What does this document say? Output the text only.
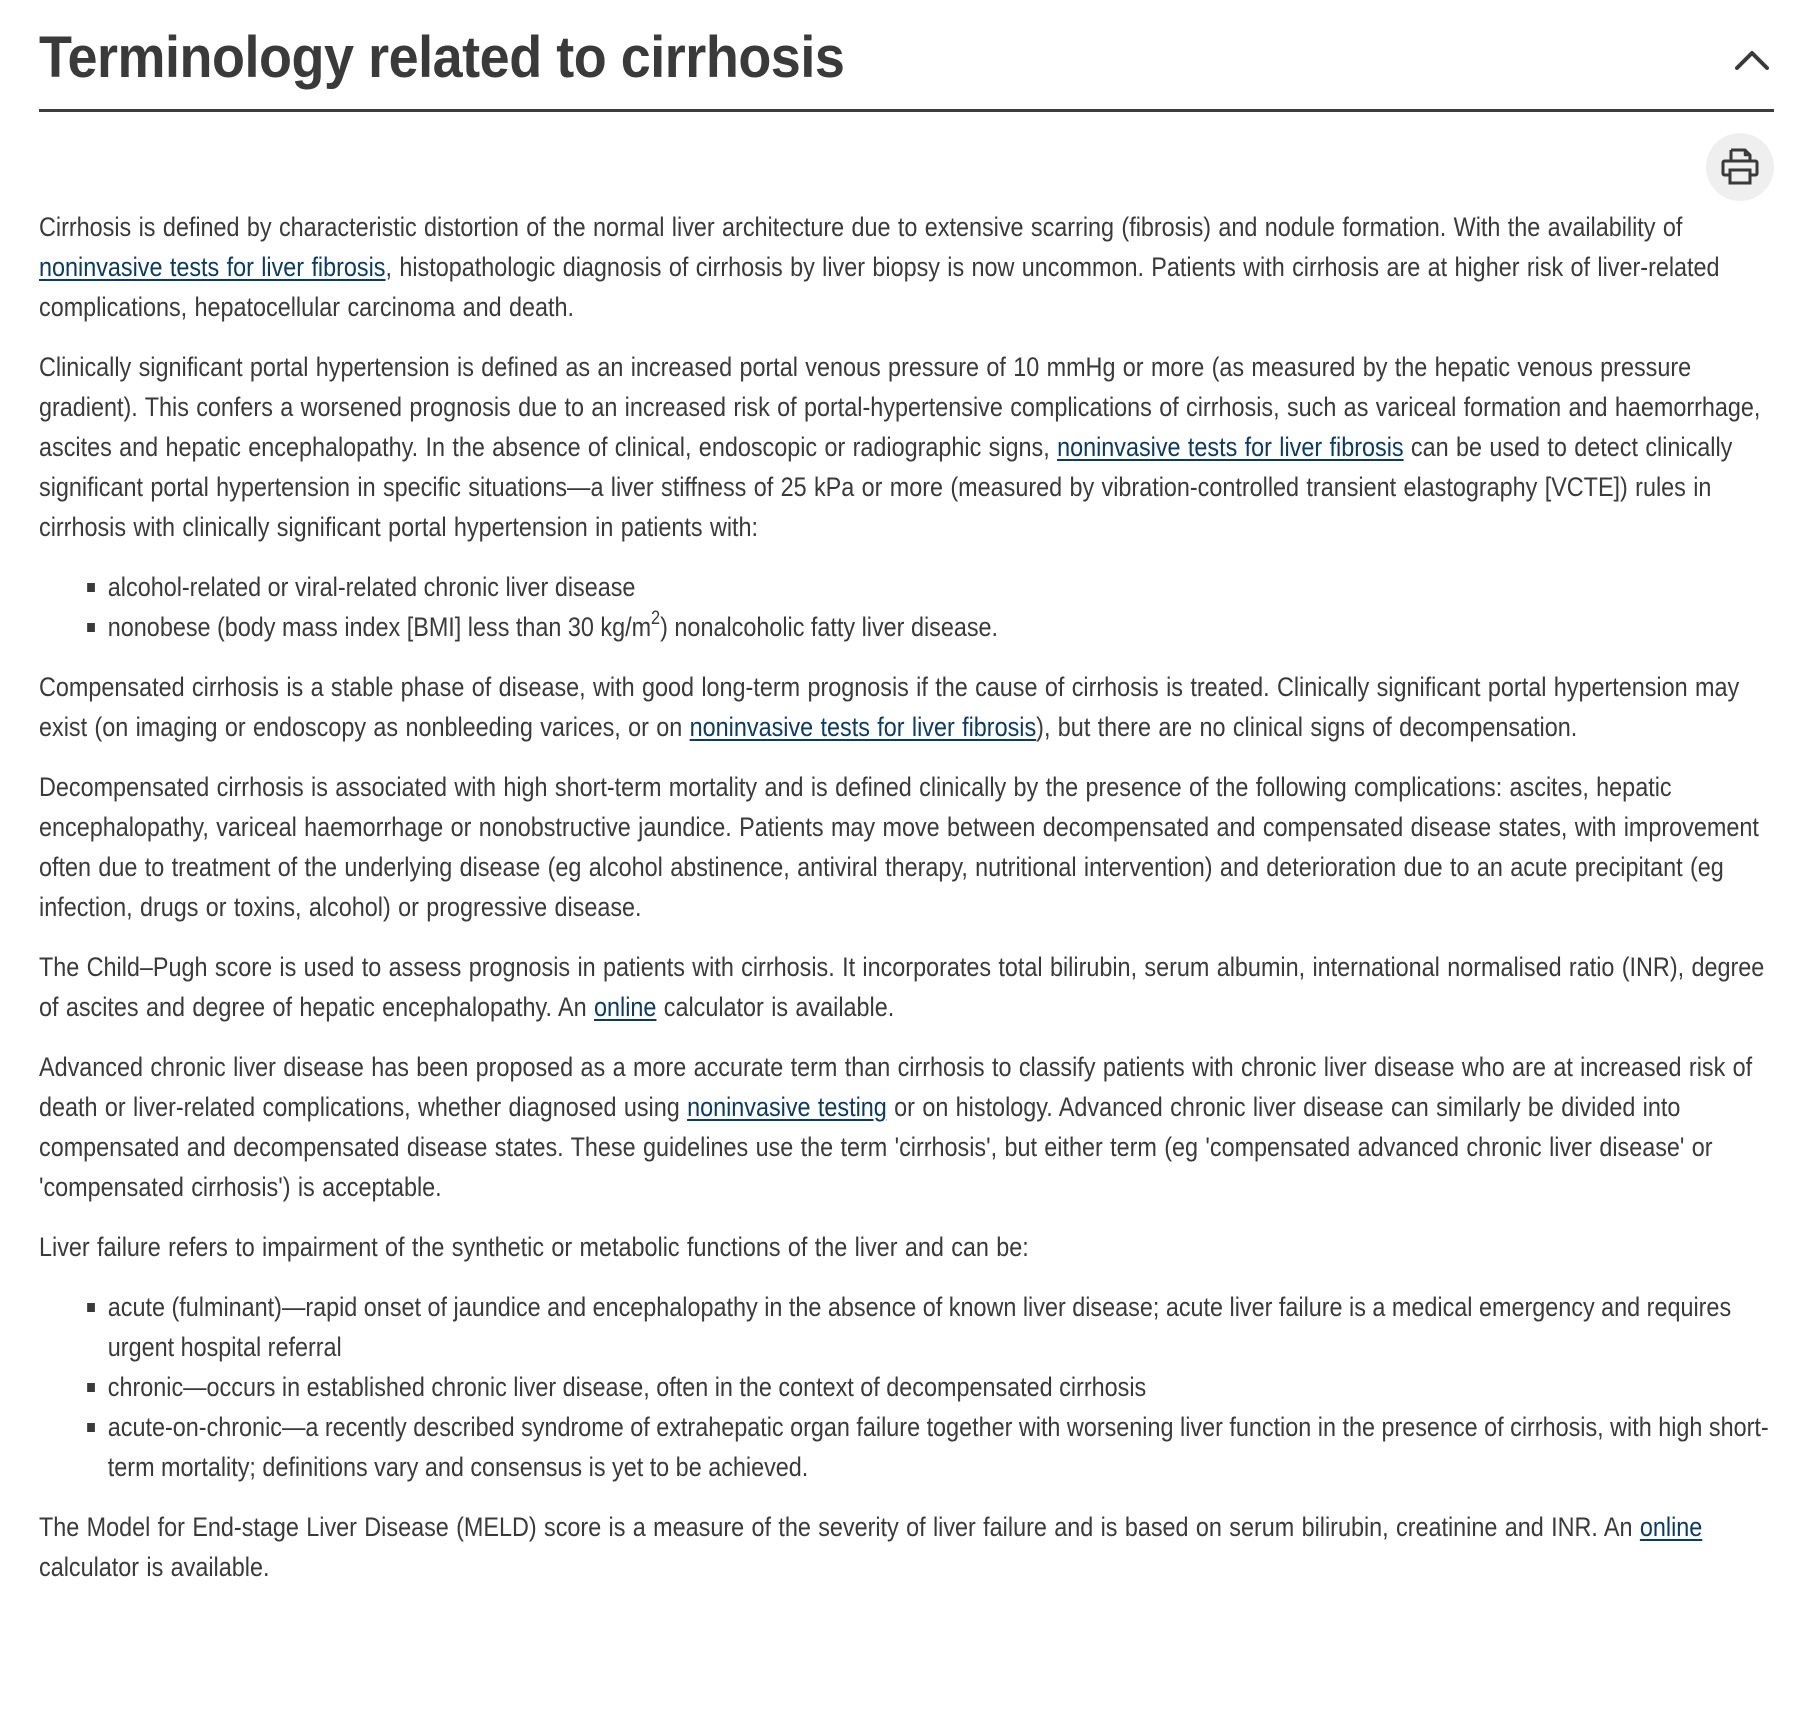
Terminology related to cirrhosis

Cirrhosis is defined by characteristic distortion of the normal liver architecture due to extensive scarring (fibrosis) and nodule formation. With the availability of noninvasive tests for liver fibrosis, histopathologic diagnosis of cirrhosis by liver biopsy is now uncommon. Patients with cirrhosis are at higher risk of liver-related complications, hepatocellular carcinoma and death.

Clinically significant portal hypertension is defined as an increased portal venous pressure of 10 mmHg or more (as measured by the hepatic venous pressure gradient). This confers a worsened prognosis due to an increased risk of portal-hypertensive complications of cirrhosis, such as variceal formation and haemorrhage, ascites and hepatic encephalopathy. In the absence of clinical, endoscopic or radiographic signs, noninvasive tests for liver fibrosis can be used to detect clinically significant portal hypertension in specific situations—a liver stiffness of 25 kPa or more (measured by vibration-controlled transient elastography [VCTE]) rules in cirrhosis with clinically significant portal hypertension in patients with:

alcohol-related or viral-related chronic liver disease
nonobese (body mass index [BMI] less than 30 $kg/m^2$) nonalcoholic fatty liver disease.

Compensated cirrhosis is a stable phase of disease, with good long-term prognosis if the cause of cirrhosis is treated. Clinically significant portal hypertension may exist (on imaging or endoscopy as nonbleeding varices, or on noninvasive tests for liver fibrosis), but there are no clinical signs of decompensation.

Decompensated cirrhosis is associated with high short-term mortality and is defined clinically by the presence of the following complications: ascites, hepatic encephalopathy, variceal haemorrhage or nonobstructive jaundice. Patients may move between decompensated and compensated disease states, with improvement often due to treatment of the underlying disease (eg alcohol abstinence, antiviral therapy, nutritional intervention) and deterioration due to an acute precipitant (eg infection, drugs or toxins, alcohol) or progressive disease.

The Child–Pugh score is used to assess prognosis in patients with cirrhosis. It incorporates total bilirubin, serum albumin, international normalised ratio (INR), degree of ascites and degree of hepatic encephalopathy. An online calculator is available.

Advanced chronic liver disease has been proposed as a more accurate term than cirrhosis to classify patients with chronic liver disease who are at increased risk of death or liver-related complications, whether diagnosed using noninvasive testing or on histology. Advanced chronic liver disease can similarly be divided into compensated and decompensated disease states. These guidelines use the term 'cirrhosis', but either term (eg 'compensated advanced chronic liver disease' or 'compensated cirrhosis') is acceptable.

Liver failure refers to impairment of the synthetic or metabolic functions of the liver and can be:

acute (fulminant)—rapid onset of jaundice and encephalopathy in the absence of known liver disease; acute liver failure is a medical emergency and requires urgent hospital referral
chronic—occurs in established chronic liver disease, often in the context of decompensated cirrhosis
acute-on-chronic—a recently described syndrome of extrahepatic organ failure together with worsening liver function in the presence of cirrhosis, with high short-term mortality; definitions vary and consensus is yet to be achieved.

The Model for End-stage Liver Disease (MELD) score is a measure of the severity of liver failure and is based on serum bilirubin, creatinine and INR. An online calculator is available.
